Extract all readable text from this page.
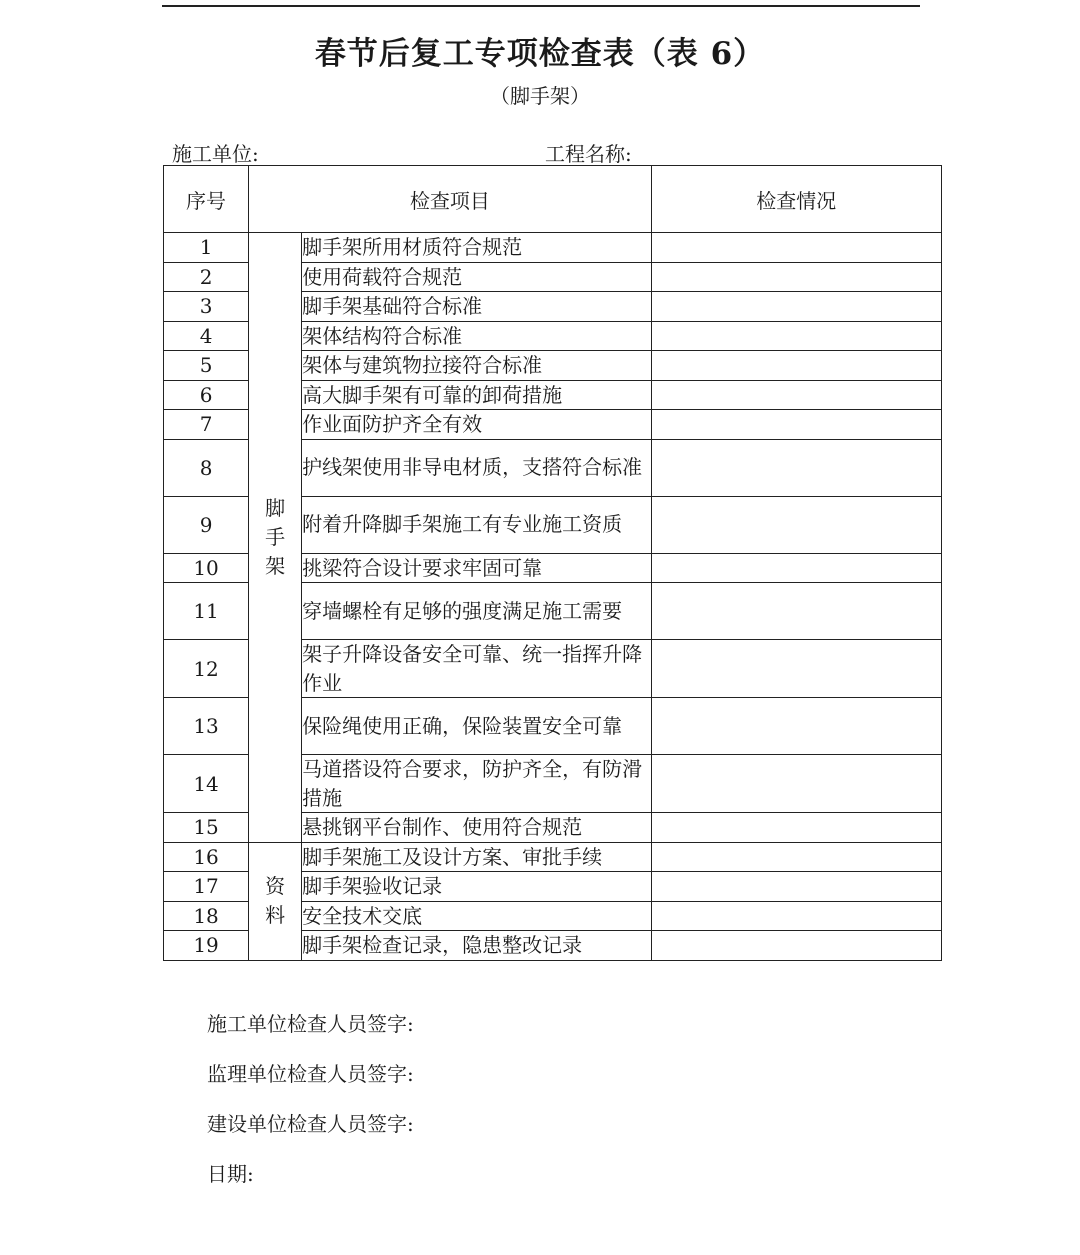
春节后复工专项检查表（表 6）
（脚手架）
施工单位:	工程名称:
序号	检查项目		检查情况
1	脚手架	脚手架所用材质符合规范	
2		使用荷载符合规范	
3		脚手架基础符合标准	
4		架体结构符合标准	
5		架体与建筑物拉接符合标准	
6		高大脚手架有可靠的卸荷措施	
7		作业面防护齐全有效	
8		护线架使用非导电材质，支搭符合标准	
9		附着升降脚手架施工有专业施工资质	
10		挑梁符合设计要求牢固可靠	
11		穿墙螺栓有足够的强度满足施工需要	
12		架子升降设备安全可靠、统一指挥升降作业	
13		保险绳使用正确，保险装置安全可靠	
14		马道搭设符合要求，防护齐全，有防滑措施	
15		悬挑钢平台制作、使用符合规范	
16	资料	脚手架施工及设计方案、审批手续	
17		脚手架验收记录	
18		安全技术交底	
19		脚手架检查记录，隐患整改记录	
施工单位检查人员签字:
监理单位检查人员签字:
建设单位检查人员签字:
日期:
